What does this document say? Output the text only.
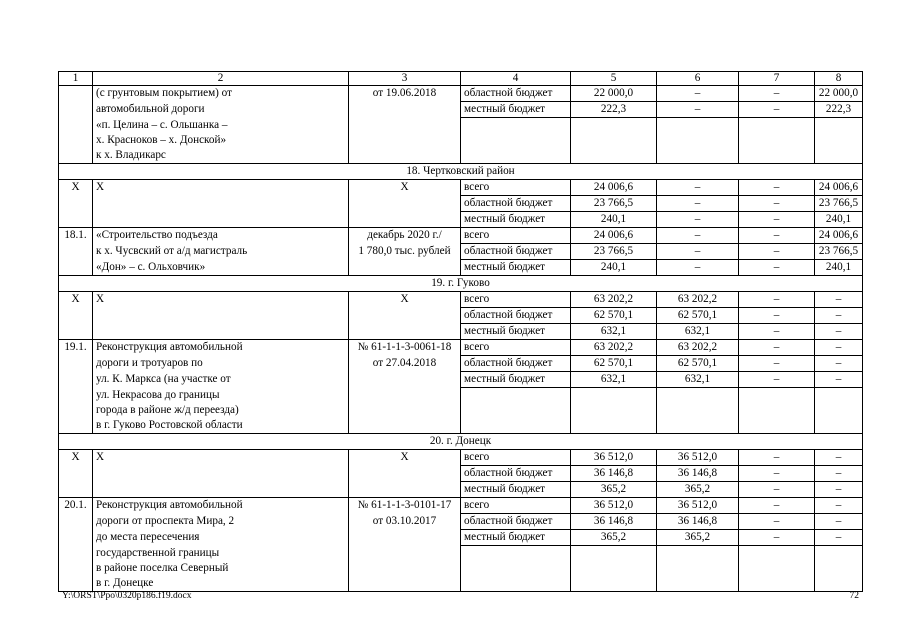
1	2	3	4	5	6	7	8
	(с грунтовым покрытием) от	от 19.06.2018	областной бюджет	22 000,0	–	–	22 000,0
	автомобильной дороги		местный бюджет	222,3	–	–	222,3
	«п. Целина – с. Ольшанка –						
	х. Красноков – х. Донской»						
	к х. Владикарс						
18. Чертковский район							
Х	Х	Х	всего	24 006,6	–	–	24 006,6
			областной бюджет	23 766,5	–	–	23 766,5
			местный бюджет	240,1	–	–	240,1
18.1.	«Строительство подъезда	декабрь 2020 г./	всего	24 006,6	–	–	24 006,6
	к х. Чусвский от а/д магистраль	1 780,0 тыс. рублей	областной бюджет	23 766,5	–	–	23 766,5
	«Дон» – с. Ольховчик»		местный бюджет	240,1	–	–	240,1
19. г. Гуково							
Х	Х	Х	всего	63 202,2	63 202,2	–	–
			областной бюджет	62 570,1	62 570,1	–	–
			местный бюджет	632,1	632,1	–	–
19.1.	Реконструкция автомобильной	№ 61-1-1-3-0061-18	всего	63 202,2	63 202,2	–	–
	дороги и тротуаров по	от 27.04.2018	областной бюджет	62 570,1	62 570,1	–	–
	ул. К. Маркса (на участке от		местный бюджет	632,1	632,1	–	–
	ул. Некрасова до границы						
	города в районе ж/д переезда)						
	в г. Гуково Ростовской области						
20. г. Донецк							
Х	Х	Х	всего	36 512,0	36 512,0	–	–
			областной бюджет	36 146,8	36 146,8	–	–
			местный бюджет	365,2	365,2	–	–
20.1.	Реконструкция автомобильной	№ 61-1-1-3-0101-17	всего	36 512,0	36 512,0	–	–
	дороги от проспекта Мира, 2	от 03.10.2017	областной бюджет	36 146,8	36 146,8	–	–
	до места пересечения		местный бюджет	365,2	365,2	–	–
	государственной границы						
	в районе поселка Северный						
	в г. Донецке						
Y:\ORST\Ppo\0320p186.f19.docx	72
